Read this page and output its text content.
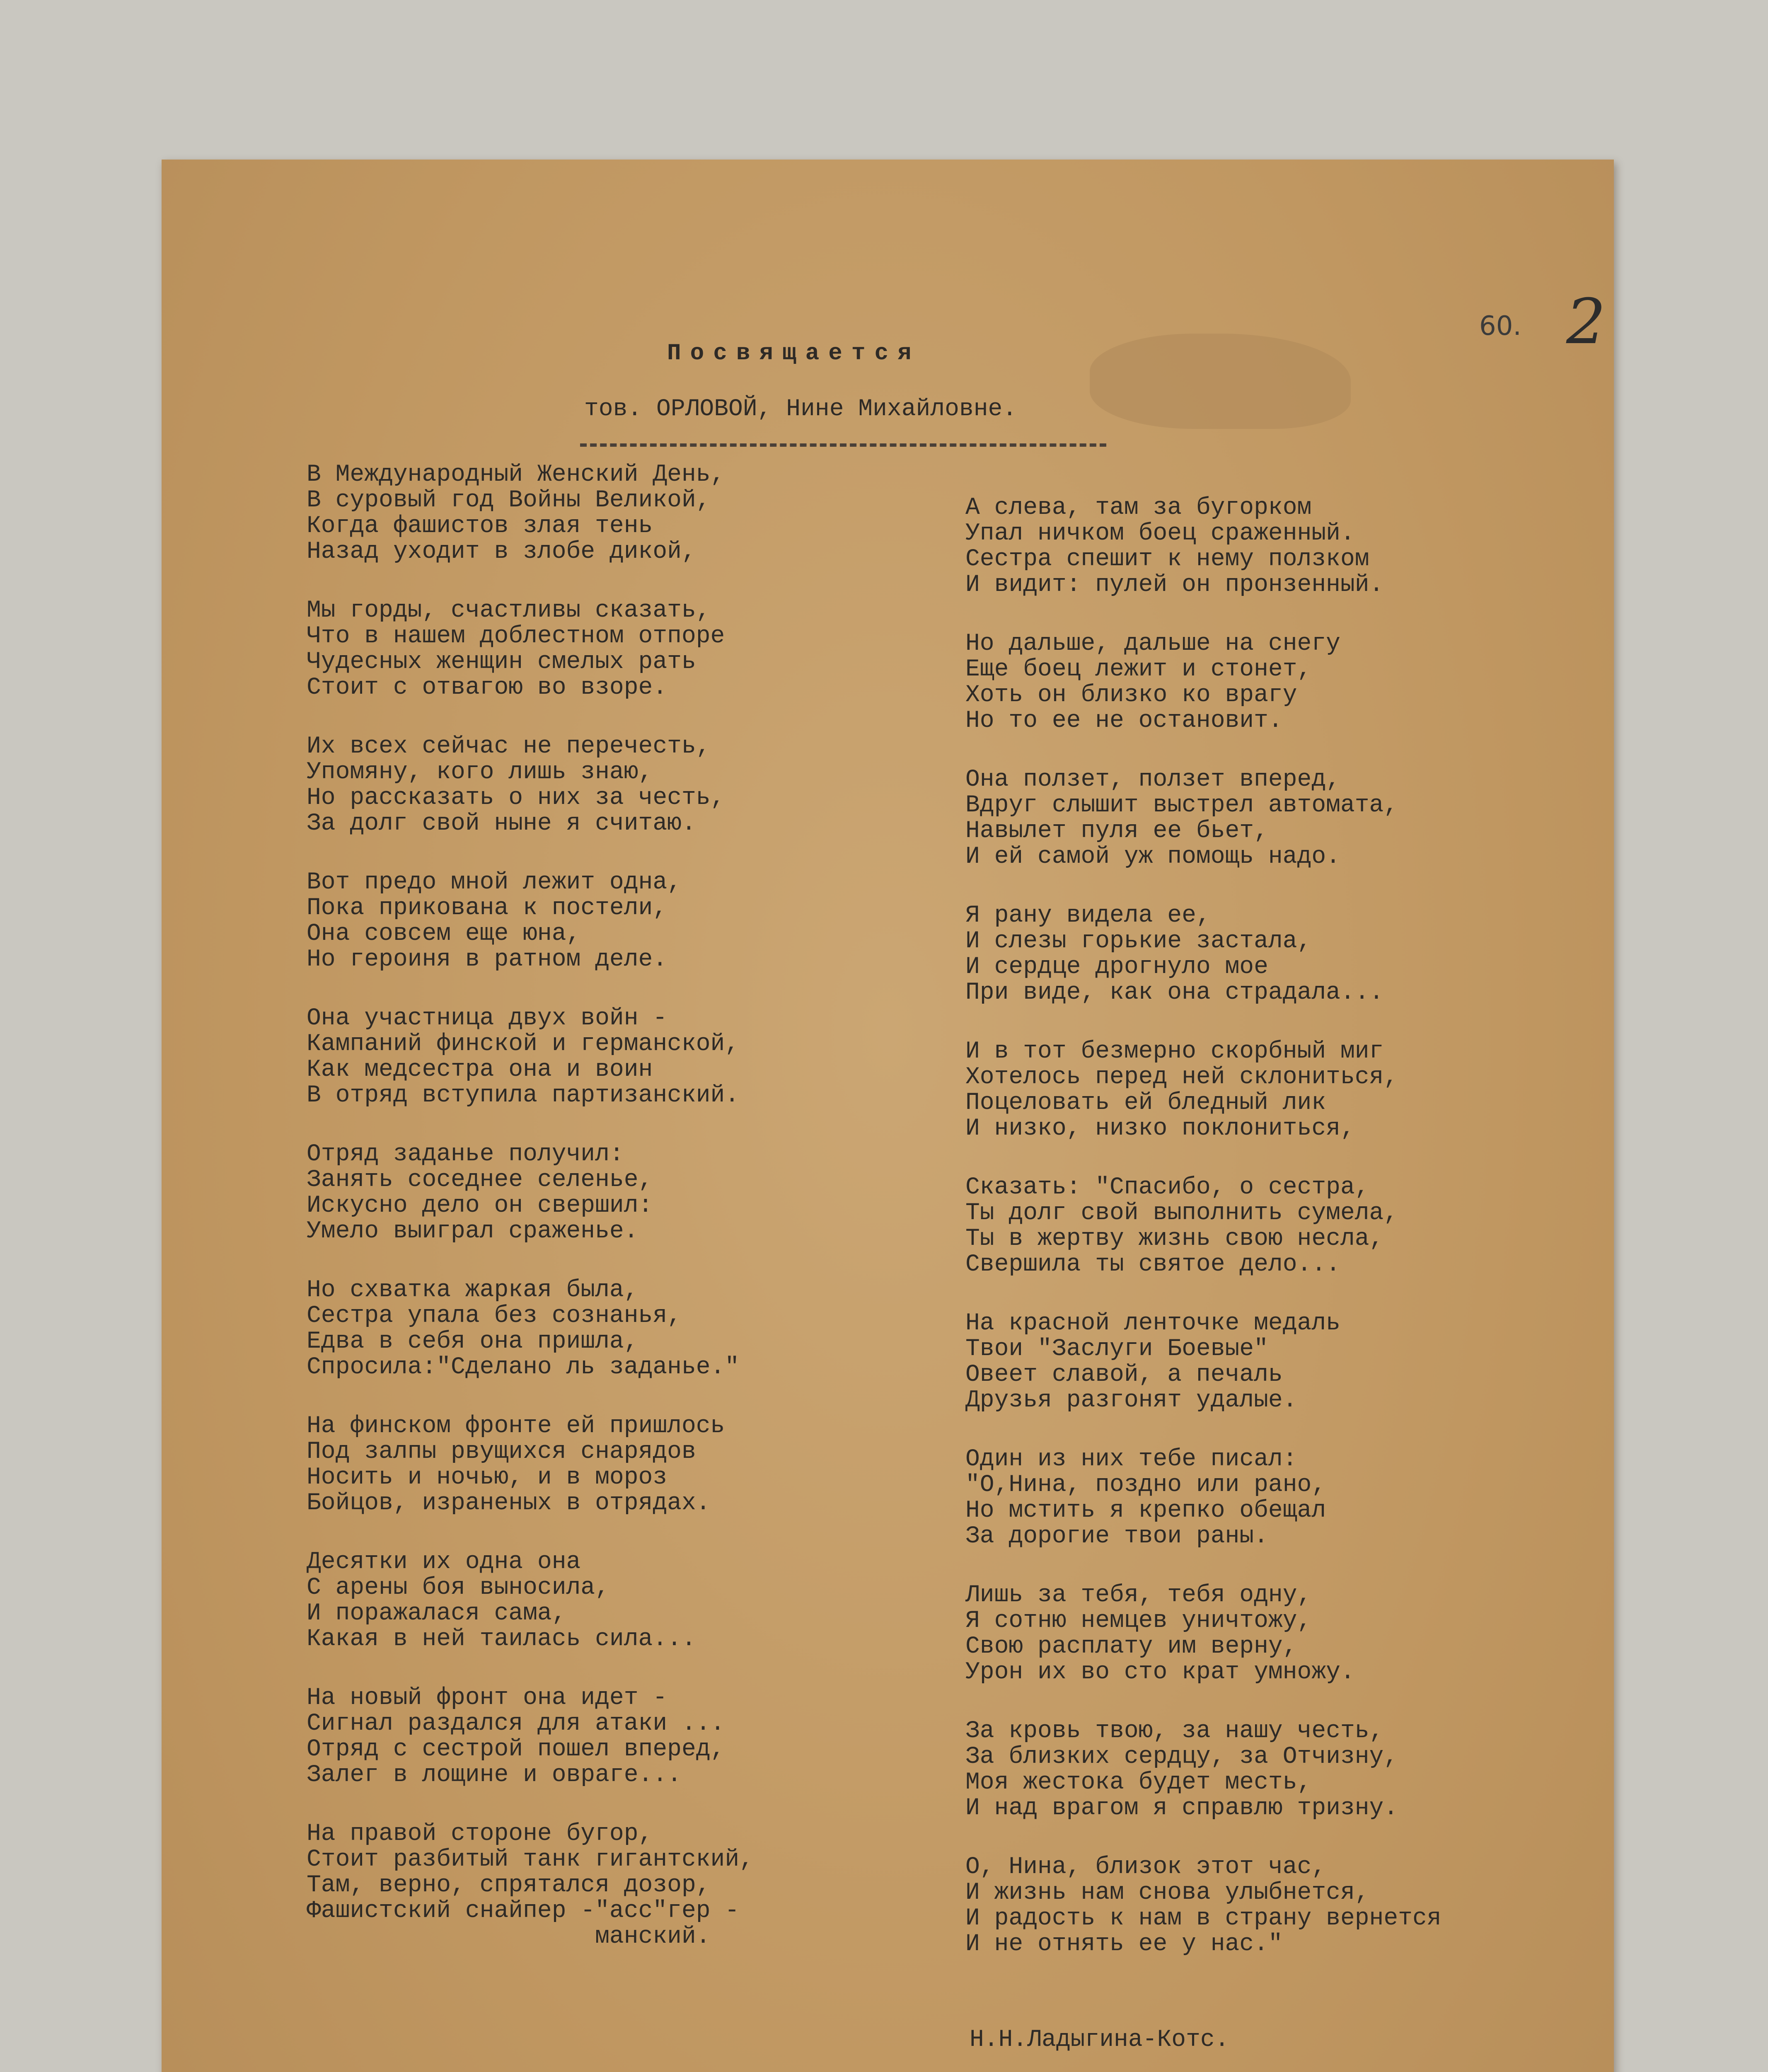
60. 2
Посвящается
тов. ОРЛОВОЙ, Нине Михайловне.
В Международный Женский День,
В суровый год Войны Великой,
Когда фашистов злая тень
Назад уходит в злобе дикой,
Мы горды, счастливы сказать,
Что в нашем доблестном отпоре
Чудесных женщин смелых рать
Стоит с отвагою во взоре.
Их всех сейчас не перечесть,
Упомяну, кого лишь знаю,
Но рассказать о них за честь,
За долг свой ныне я считаю.
Вот предо мной лежит одна,
Пока прикована к постели,
Она совсем еще юна,
Но героиня в ратном деле.
Она участница двух войн -
Кампаний финской и германской,
Как медсестра она и воин
В отряд вступила партизанский.
Отряд заданье получил:
Занять соседнее селенье,
Искусно дело он свершил:
Умело выиграл сраженье.
Но схватка жаркая была,
Сестра упала без сознанья,
Едва в себя она пришла,
Спросила:"Сделано ль заданье."
На финском фронте ей пришлось
Под залпы рвущихся снарядов
Носить и ночью, и в мороз
Бойцов, израненых в отрядах.
Десятки их одна она
С арены боя выносила,
И поражалася сама,
Какая в ней таилась сила...
На новый фронт она идет -
Сигнал раздался для атаки ...
Отряд с сестрой пошел вперед,
Залег в лощине и овраге...
На правой стороне бугор,
Стоит разбитый танк гигантский,
Там, верно, спрятался дозор,
Фашистский снайпер -"асс"гер -
манский.
А слева, там за бугорком
Упал ничком боец сраженный.
Сестра спешит к нему ползком
И видит: пулей он пронзенный.
Но дальше, дальше на снегу
Еще боец лежит и стонет,
Хоть он близко ко врагу
Но то ее не остановит.
Она ползет, ползет вперед,
Вдруг слышит выстрел автомата,
Навылет пуля ее бьет,
И ей самой уж помощь надо.
Я рану видела ее,
И слезы горькие застала,
И сердце дрогнуло мое
При виде, как она страдала...
И в тот безмерно скорбный миг
Хотелось перед ней склониться,
Поцеловать ей бледный лик
И низко, низко поклониться,
Сказать: "Спасибо, о сестра,
Ты долг свой выполнить сумела,
Ты в жертву жизнь свою несла,
Свершила ты святое дело...
На красной ленточке медаль
Твои "Заслуги Боевые"
Овеет славой, а печаль
Друзья разгонят удалые.
Один из них тебе писал:
"О,Нина, поздно или рано,
Но мстить я крепко обещал
За дорогие твои раны.
Лишь за тебя, тебя одну,
Я сотню немцев уничтожу,
Свою расплату им верну,
Урон их во сто крат умножу.
За кровь твою, за нашу честь,
За близких сердцу, за Отчизну,
Моя жестока будет месть,
И над врагом я справлю тризну.
О, Нина, близок этот час,
И жизнь нам снова улыбнется,
И радость к нам в страну вернется
И не отнять ее у нас."
Н.Н.Ладыгина-Котс.
